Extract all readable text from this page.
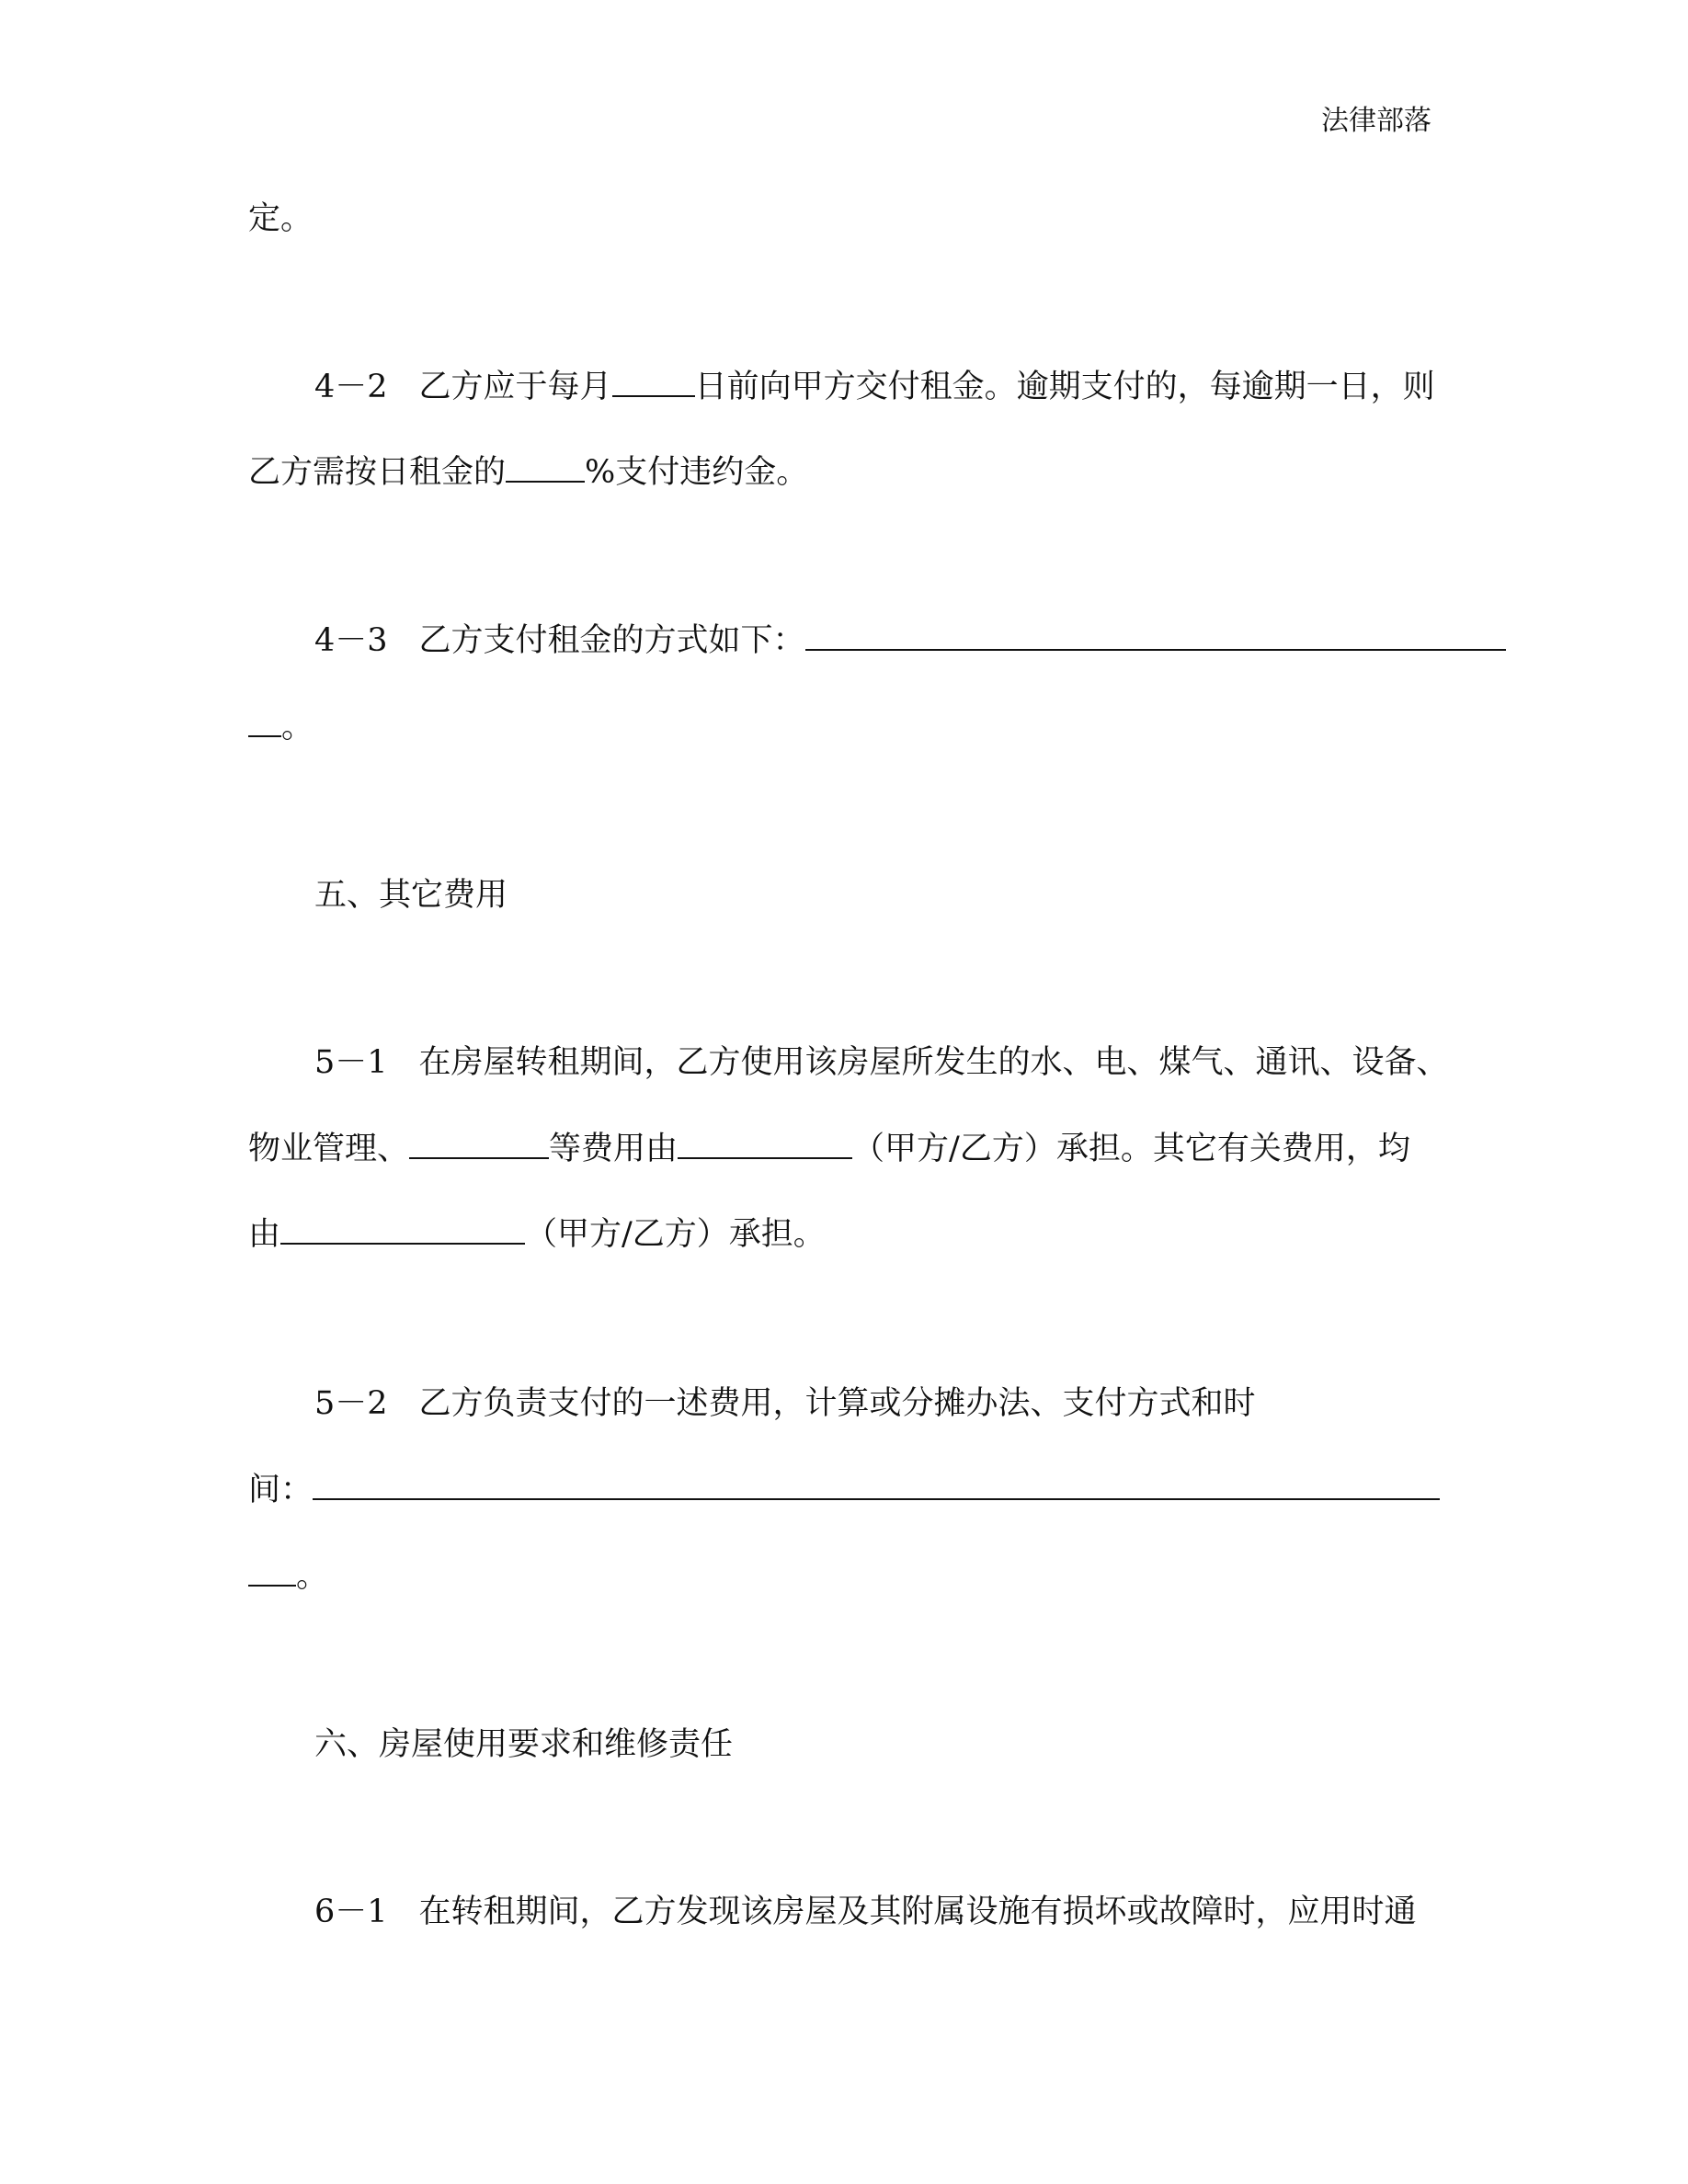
法律部落
定。
4－2 乙方应于每月	日前向甲方交付租金。逾期支付的，每逾期一日，则
乙方需按日租金的 %支付违约金。
4－3 乙方支付租金的方式如下：
。
五、其它费用
5－1 在房屋转租期间，乙方使用该房屋所发生的水、电、煤气、通讯、设备、
物业管理、	等费用由	（甲方/乙方）承担。其它有关费用，均
由	（甲方/乙方）承担。
5－2 乙方负责支付的一述费用，计算或分摊办法、支付方式和时
间：
。
六、房屋使用要求和维修责任
6－1 在转租期间，乙方发现该房屋及其附属设施有损坏或故障时，应用时通
